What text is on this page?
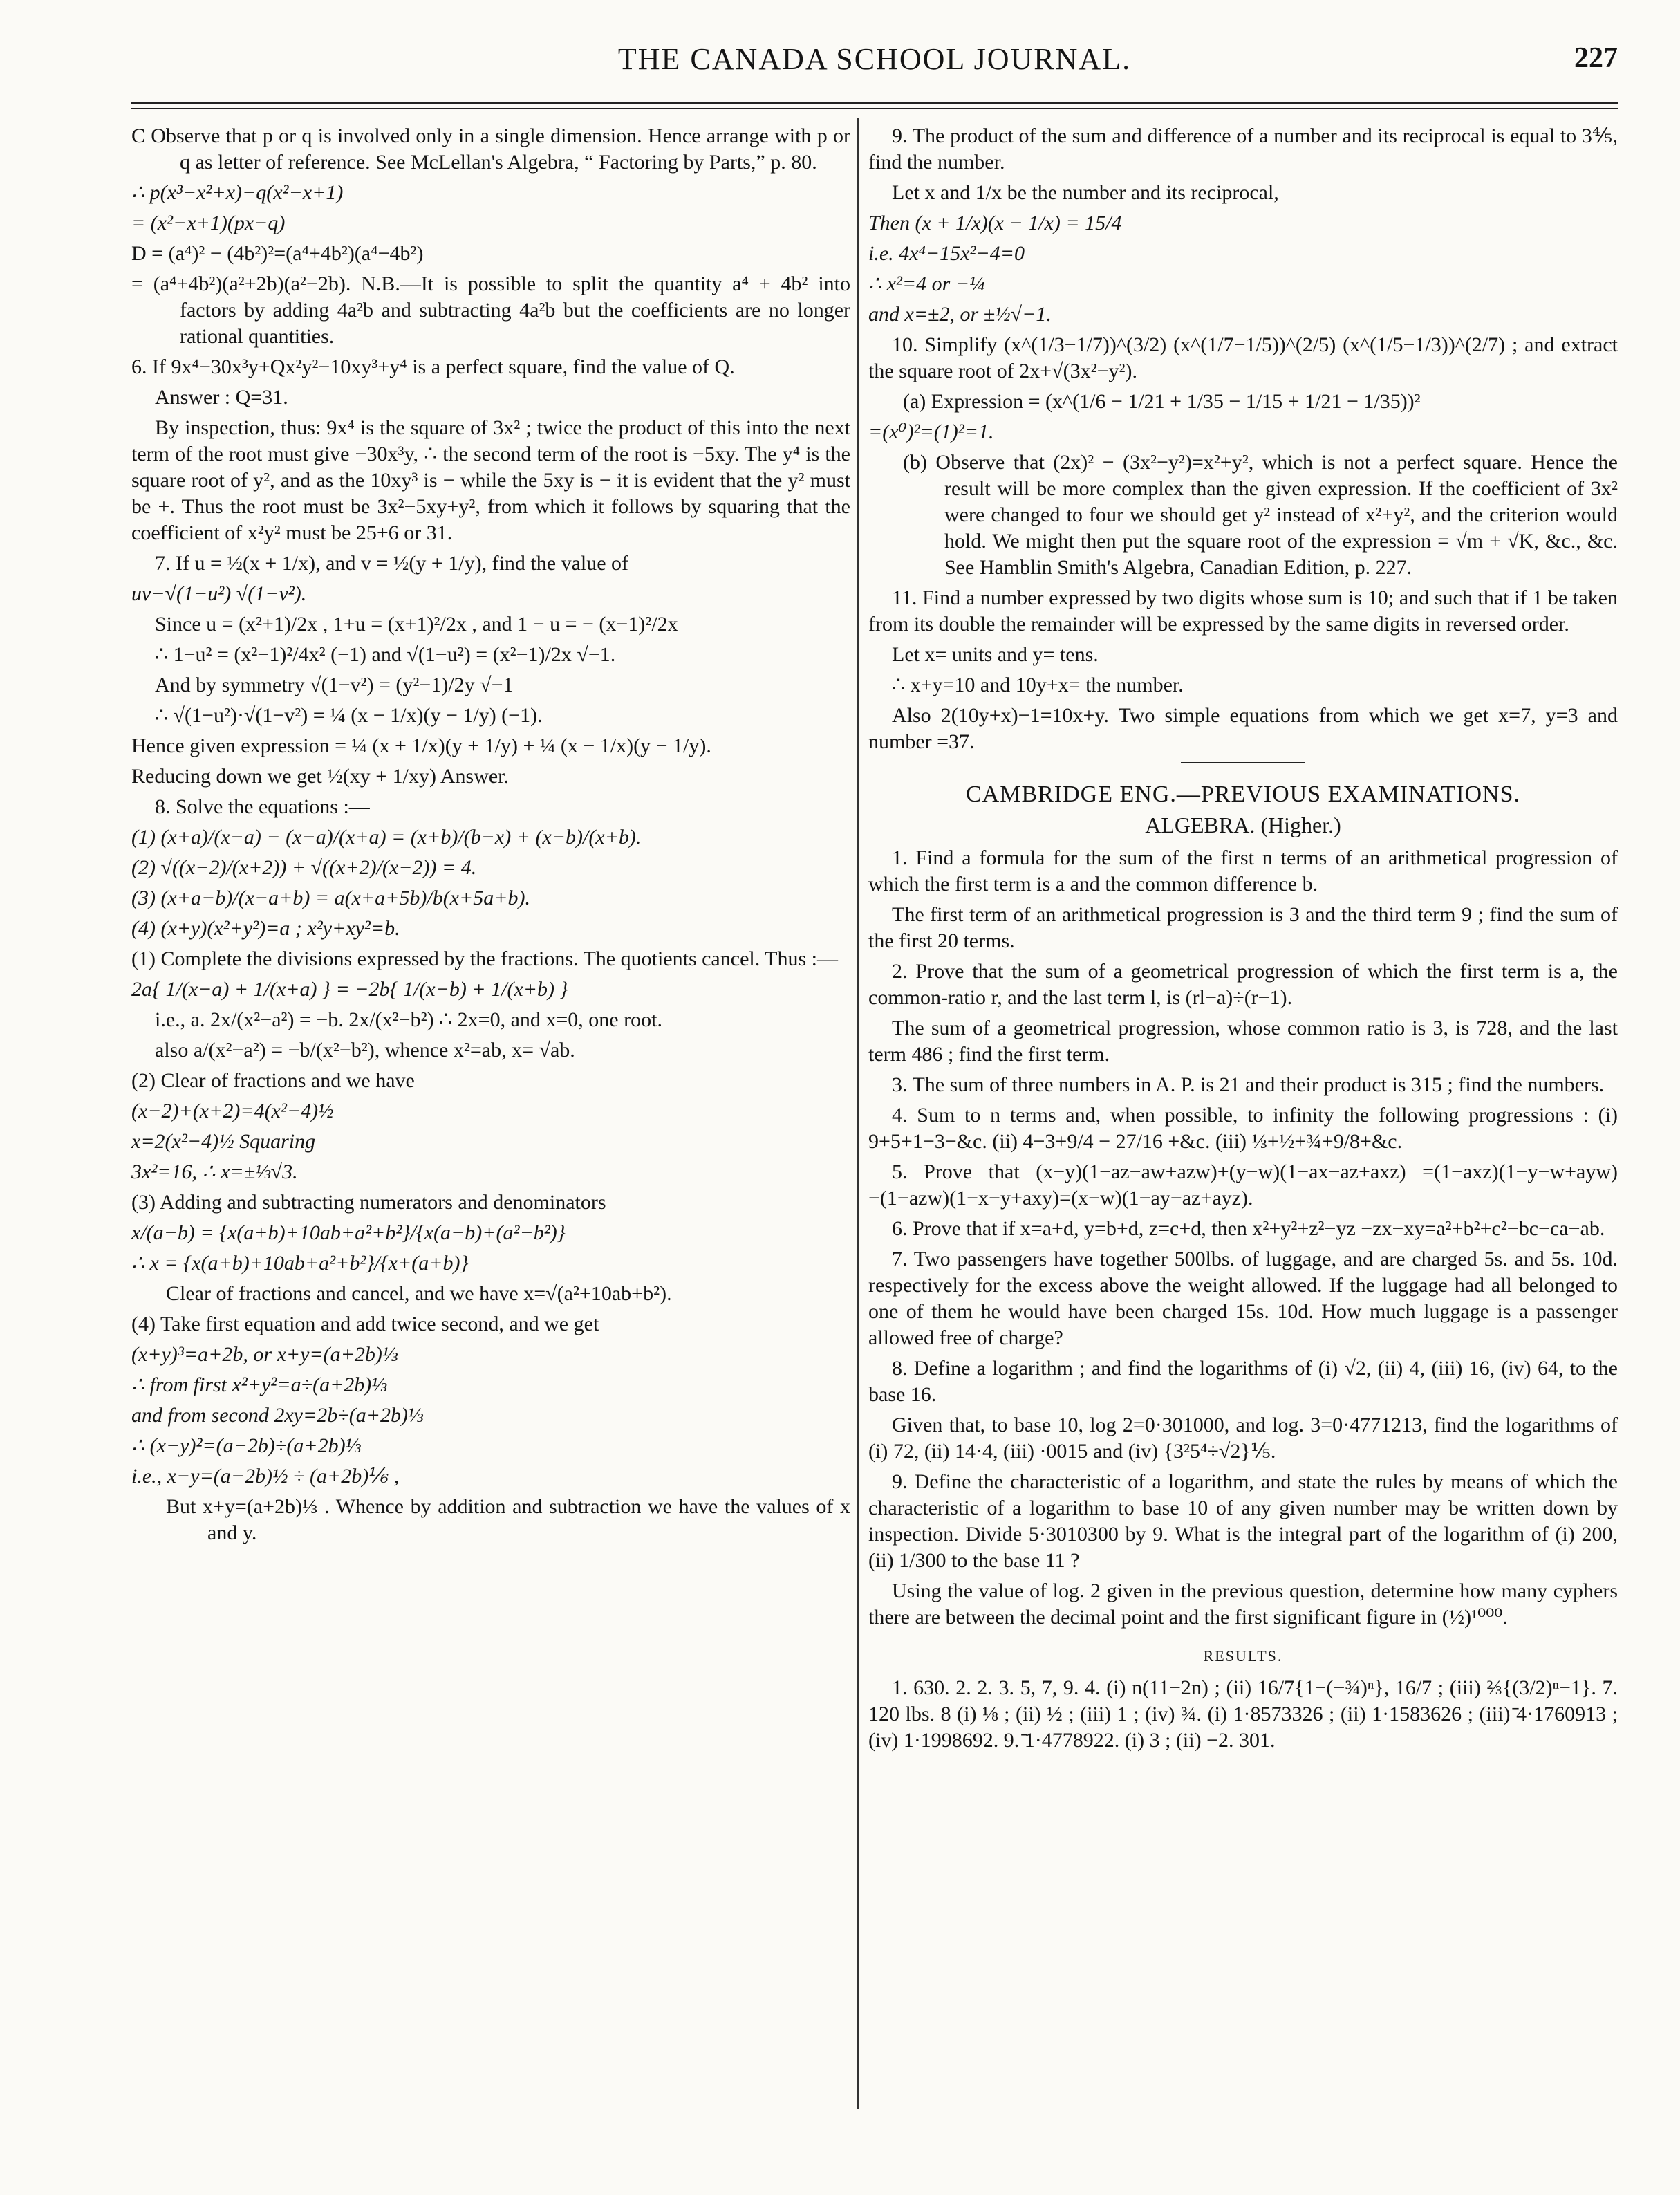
THE CANADA SCHOOL JOURNAL.	227

C Observe that p or q is involved only in a single dimension. Hence arrange with p or q as letter of reference. See McLellan's Algebra, “ Factoring by Parts,” p. 80.

∴ p(x³−x²+x)−q(x²−x+1)

= (x²−x+1)(px−q)

D = (a⁴)² − (4b²)²=(a⁴+4b²)(a⁴−4b²)

= (a⁴+4b²)(a²+2b)(a²−2b). N.B.—It is possible to split the quantity a⁴ + 4b² into factors by adding 4a²b and subtracting 4a²b but the coefficients are no longer rational quantities.

6. If 9x⁴−30x³y+Qx²y²−10xy³+y⁴ is a perfect square, find the value of Q.

Answer : Q=31.

By inspection, thus: 9x⁴ is the square of 3x² ; twice the product of this into the next term of the root must give −30x³y, ∴ the second term of the root is −5xy. The y⁴ is the square root of y², and as the 10xy³ is − while the 5xy is − it is evident that the y² must be +. Thus the root must be 3x²−5xy+y², from which it follows by squaring that the coefficient of x²y² must be 25+6 or 31.

7. If u = ½(x + 1/x), and v = ½(y + 1/y), find the value of

uv−√(1−u²) √(1−v²).

Since u = (x²+1)/2x , 1+u = (x+1)²/2x , and 1 − u = − (x−1)²/2x

∴ 1−u² = (x²−1)²/4x² (−1) and √(1−u²) = (x²−1)/2x √−1.

And by symmetry √(1−v²) = (y²−1)/2y √−1

∴ √(1−u²)·√(1−v²) = ¼ (x − 1/x)(y − 1/y) (−1).

Hence given expression = ¼ (x + 1/x)(y + 1/y) + ¼ (x − 1/x)(y − 1/y).

Reducing down we get ½(xy + 1/xy) Answer.

8. Solve the equations :—

(1) (x+a)/(x−a) − (x−a)/(x+a) = (x+b)/(b−x) + (x−b)/(x+b).

(2) √((x−2)/(x+2)) + √((x+2)/(x−2)) = 4.

(3) (x+a−b)/(x−a+b) = a(x+a+5b)/b(x+5a+b).

(4) (x+y)(x²+y²)=a ; x²y+xy²=b.

(1) Complete the divisions expressed by the fractions. The quotients cancel. Thus :—

2a{ 1/(x−a) + 1/(x+a) } = −2b{ 1/(x−b) + 1/(x+b) }

i.e., a. 2x/(x²−a²) = −b. 2x/(x²−b²) ∴ 2x=0, and x=0, one root.

also a/(x²−a²) = −b/(x²−b²), whence x²=ab, x= √ab.

(2) Clear of fractions and we have

(x−2)+(x+2)=4(x²−4)½

x=2(x²−4)½ Squaring

3x²=16, ∴ x=±⅓√3.

(3) Adding and subtracting numerators and denominators

x/(a−b) = {x(a+b)+10ab+a²+b²}/{x(a−b)+(a²−b²)}

∴ x = {x(a+b)+10ab+a²+b²}/{x+(a+b)}

Clear of fractions and cancel, and we have x=√(a²+10ab+b²).

(4) Take first equation and add twice second, and we get

(x+y)³=a+2b, or x+y=(a+2b)⅓

∴ from first x²+y²=a÷(a+2b)⅓

and from second 2xy=2b÷(a+2b)⅓

∴ (x−y)²=(a−2b)÷(a+2b)⅓

i.e., x−y=(a−2b)½ ÷ (a+2b)⅙ ,

But x+y=(a+2b)⅓ . Whence by addition and subtraction we have the values of x and y.

9. The product of the sum and difference of a number and its reciprocal is equal to 3⅘, find the number.

Let x and 1/x be the number and its reciprocal,

Then (x + 1/x)(x − 1/x) = 15/4

i.e. 4x⁴−15x²−4=0

∴ x²=4 or −¼

and x=±2, or ±½√−1.

10. Simplify (x^(1/3−1/7))^(3/2) (x^(1/7−1/5))^(2/5) (x^(1/5−1/3))^(2/7) ; and extract the square root of 2x+√(3x²−y²).

(a) Expression = (x^(1/6 − 1/21 + 1/35 − 1/15 + 1/21 − 1/35))²

=(x⁰)²=(1)²=1.

(b) Observe that (2x)² − (3x²−y²)=x²+y², which is not a perfect square. Hence the result will be more complex than the given expression. If the coefficient of 3x² were changed to four we should get y² instead of x²+y², and the criterion would hold. We might then put the square root of the expression = √m + √K, &c., &c. See Hamblin Smith's Algebra, Canadian Edition, p. 227.

11. Find a number expressed by two digits whose sum is 10; and such that if 1 be taken from its double the remainder will be expressed by the same digits in reversed order.

Let x= units and y= tens.

∴ x+y=10 and 10y+x= the number.

Also 2(10y+x)−1=10x+y. Two simple equations from which we get x=7, y=3 and number =37.

CAMBRIDGE ENG.—PREVIOUS EXAMINATIONS.
ALGEBRA. (Higher.)

1. Find a formula for the sum of the first n terms of an arithmetical progression of which the first term is a and the common difference b.

The first term of an arithmetical progression is 3 and the third term 9 ; find the sum of the first 20 terms.

2. Prove that the sum of a geometrical progression of which the first term is a, the common-ratio r, and the last term l, is (rl−a)÷(r−1).

The sum of a geometrical progression, whose common ratio is 3, is 728, and the last term 486 ; find the first term.

3. The sum of three numbers in A. P. is 21 and their product is 315 ; find the numbers.

4. Sum to n terms and, when possible, to infinity the following progressions : (i) 9+5+1−3−&c. (ii) 4−3+9/4 − 27/16 +&c. (iii) ⅓+½+¾+9/8+&c.

5. Prove that (x−y)(1−az−aw+azw)+(y−w)(1−ax−az+axz) =(1−axz)(1−y−w+ayw)−(1−azw)(1−x−y+axy)=(x−w)(1−ay−az+ayz).

6. Prove that if x=a+d, y=b+d, z=c+d, then x²+y²+z²−yz −zx−xy=a²+b²+c²−bc−ca−ab.

7. Two passengers have together 500lbs. of luggage, and are charged 5s. and 5s. 10d. respectively for the excess above the weight allowed. If the luggage had all belonged to one of them he would have been charged 15s. 10d. How much luggage is a passenger allowed free of charge?

8. Define a logarithm ; and find the logarithms of (i) √2, (ii) 4, (iii) 16, (iv) 64, to the base 16.

Given that, to base 10, log 2=0·301000, and log. 3=0·4771213, find the logarithms of (i) 72, (ii) 14·4, (iii) ·0015 and (iv) {3²5⁴÷√2}⅕.

9. Define the characteristic of a logarithm, and state the rules by means of which the characteristic of a logarithm to base 10 of any given number may be written down by inspection. Divide 5·3010300 by 9. What is the integral part of the logarithm of (i) 200, (ii) 1/300 to the base 11 ?

Using the value of log. 2 given in the previous question, determine how many cyphers there are between the decimal point and the first significant figure in (½)¹⁰⁰⁰.

RESULTS.

1. 630. 2. 2. 3. 5, 7, 9. 4. (i) n(11−2n) ; (ii) 16/7{1−(−¾)ⁿ}, 16/7 ; (iii) ⅔{(3/2)ⁿ−1}. 7. 120 lbs. 8 (i) ⅛ ; (ii) ½ ; (iii) 1 ; (iv) ¾. (i) 1·8573326 ; (ii) 1·1583626 ; (iii) ̄4·1760913 ; (iv) 1·1998692. 9. ̄1·4778922. (i) 3 ; (ii) −2. 301.
